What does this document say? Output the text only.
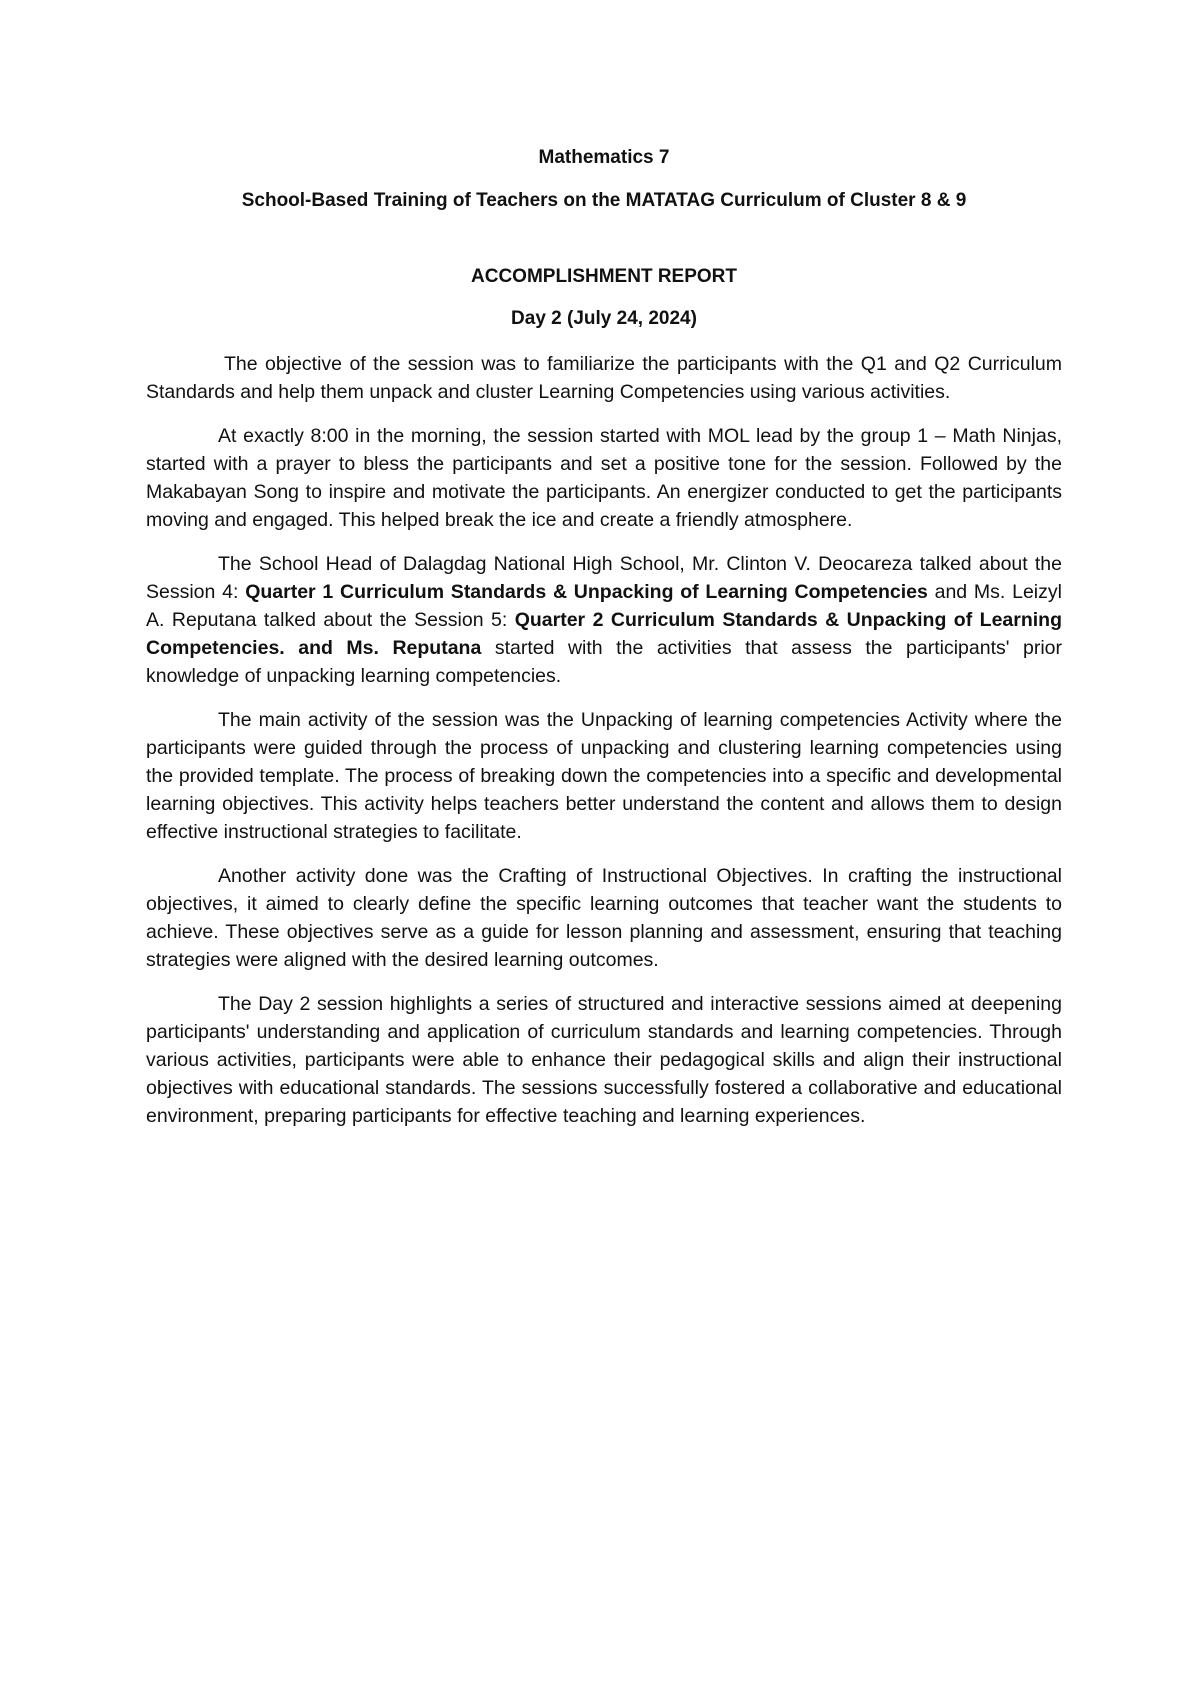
Mathematics 7

School-Based Training of Teachers on the MATATAG Curriculum of Cluster 8 & 9

ACCOMPLISHMENT REPORT

Day 2 (July 24, 2024)

The objective of the session was to familiarize the participants with the Q1 and Q2 Curriculum Standards and help them unpack and cluster Learning Competencies using various activities.

At exactly 8:00 in the morning, the session started with MOL lead by the group 1 – Math Ninjas, started with a prayer to bless the participants and set a positive tone for the session. Followed by the Makabayan Song to inspire and motivate the participants. An energizer conducted to get the participants moving and engaged. This helped break the ice and create a friendly atmosphere.

The School Head of Dalagdag National High School, Mr. Clinton V. Deocareza talked about the Session 4: Quarter 1 Curriculum Standards & Unpacking of Learning Competencies and Ms. Leizyl A. Reputana talked about the Session 5: Quarter 2 Curriculum Standards & Unpacking of Learning Competencies. and Ms. Reputana started with the activities that assess the participants' prior knowledge of unpacking learning competencies.

The main activity of the session was the Unpacking of learning competencies Activity where the participants were guided through the process of unpacking and clustering learning competencies using the provided template. The process of breaking down the competencies into a specific and developmental learning objectives. This activity helps teachers better understand the content and allows them to design effective instructional strategies to facilitate.

Another activity done was the Crafting of Instructional Objectives. In crafting the instructional objectives, it aimed to clearly define the specific learning outcomes that teacher want the students to achieve. These objectives serve as a guide for lesson planning and assessment, ensuring that teaching strategies were aligned with the desired learning outcomes.

The Day 2 session highlights a series of structured and interactive sessions aimed at deepening participants' understanding and application of curriculum standards and learning competencies. Through various activities, participants were able to enhance their pedagogical skills and align their instructional objectives with educational standards. The sessions successfully fostered a collaborative and educational environment, preparing participants for effective teaching and learning experiences.
